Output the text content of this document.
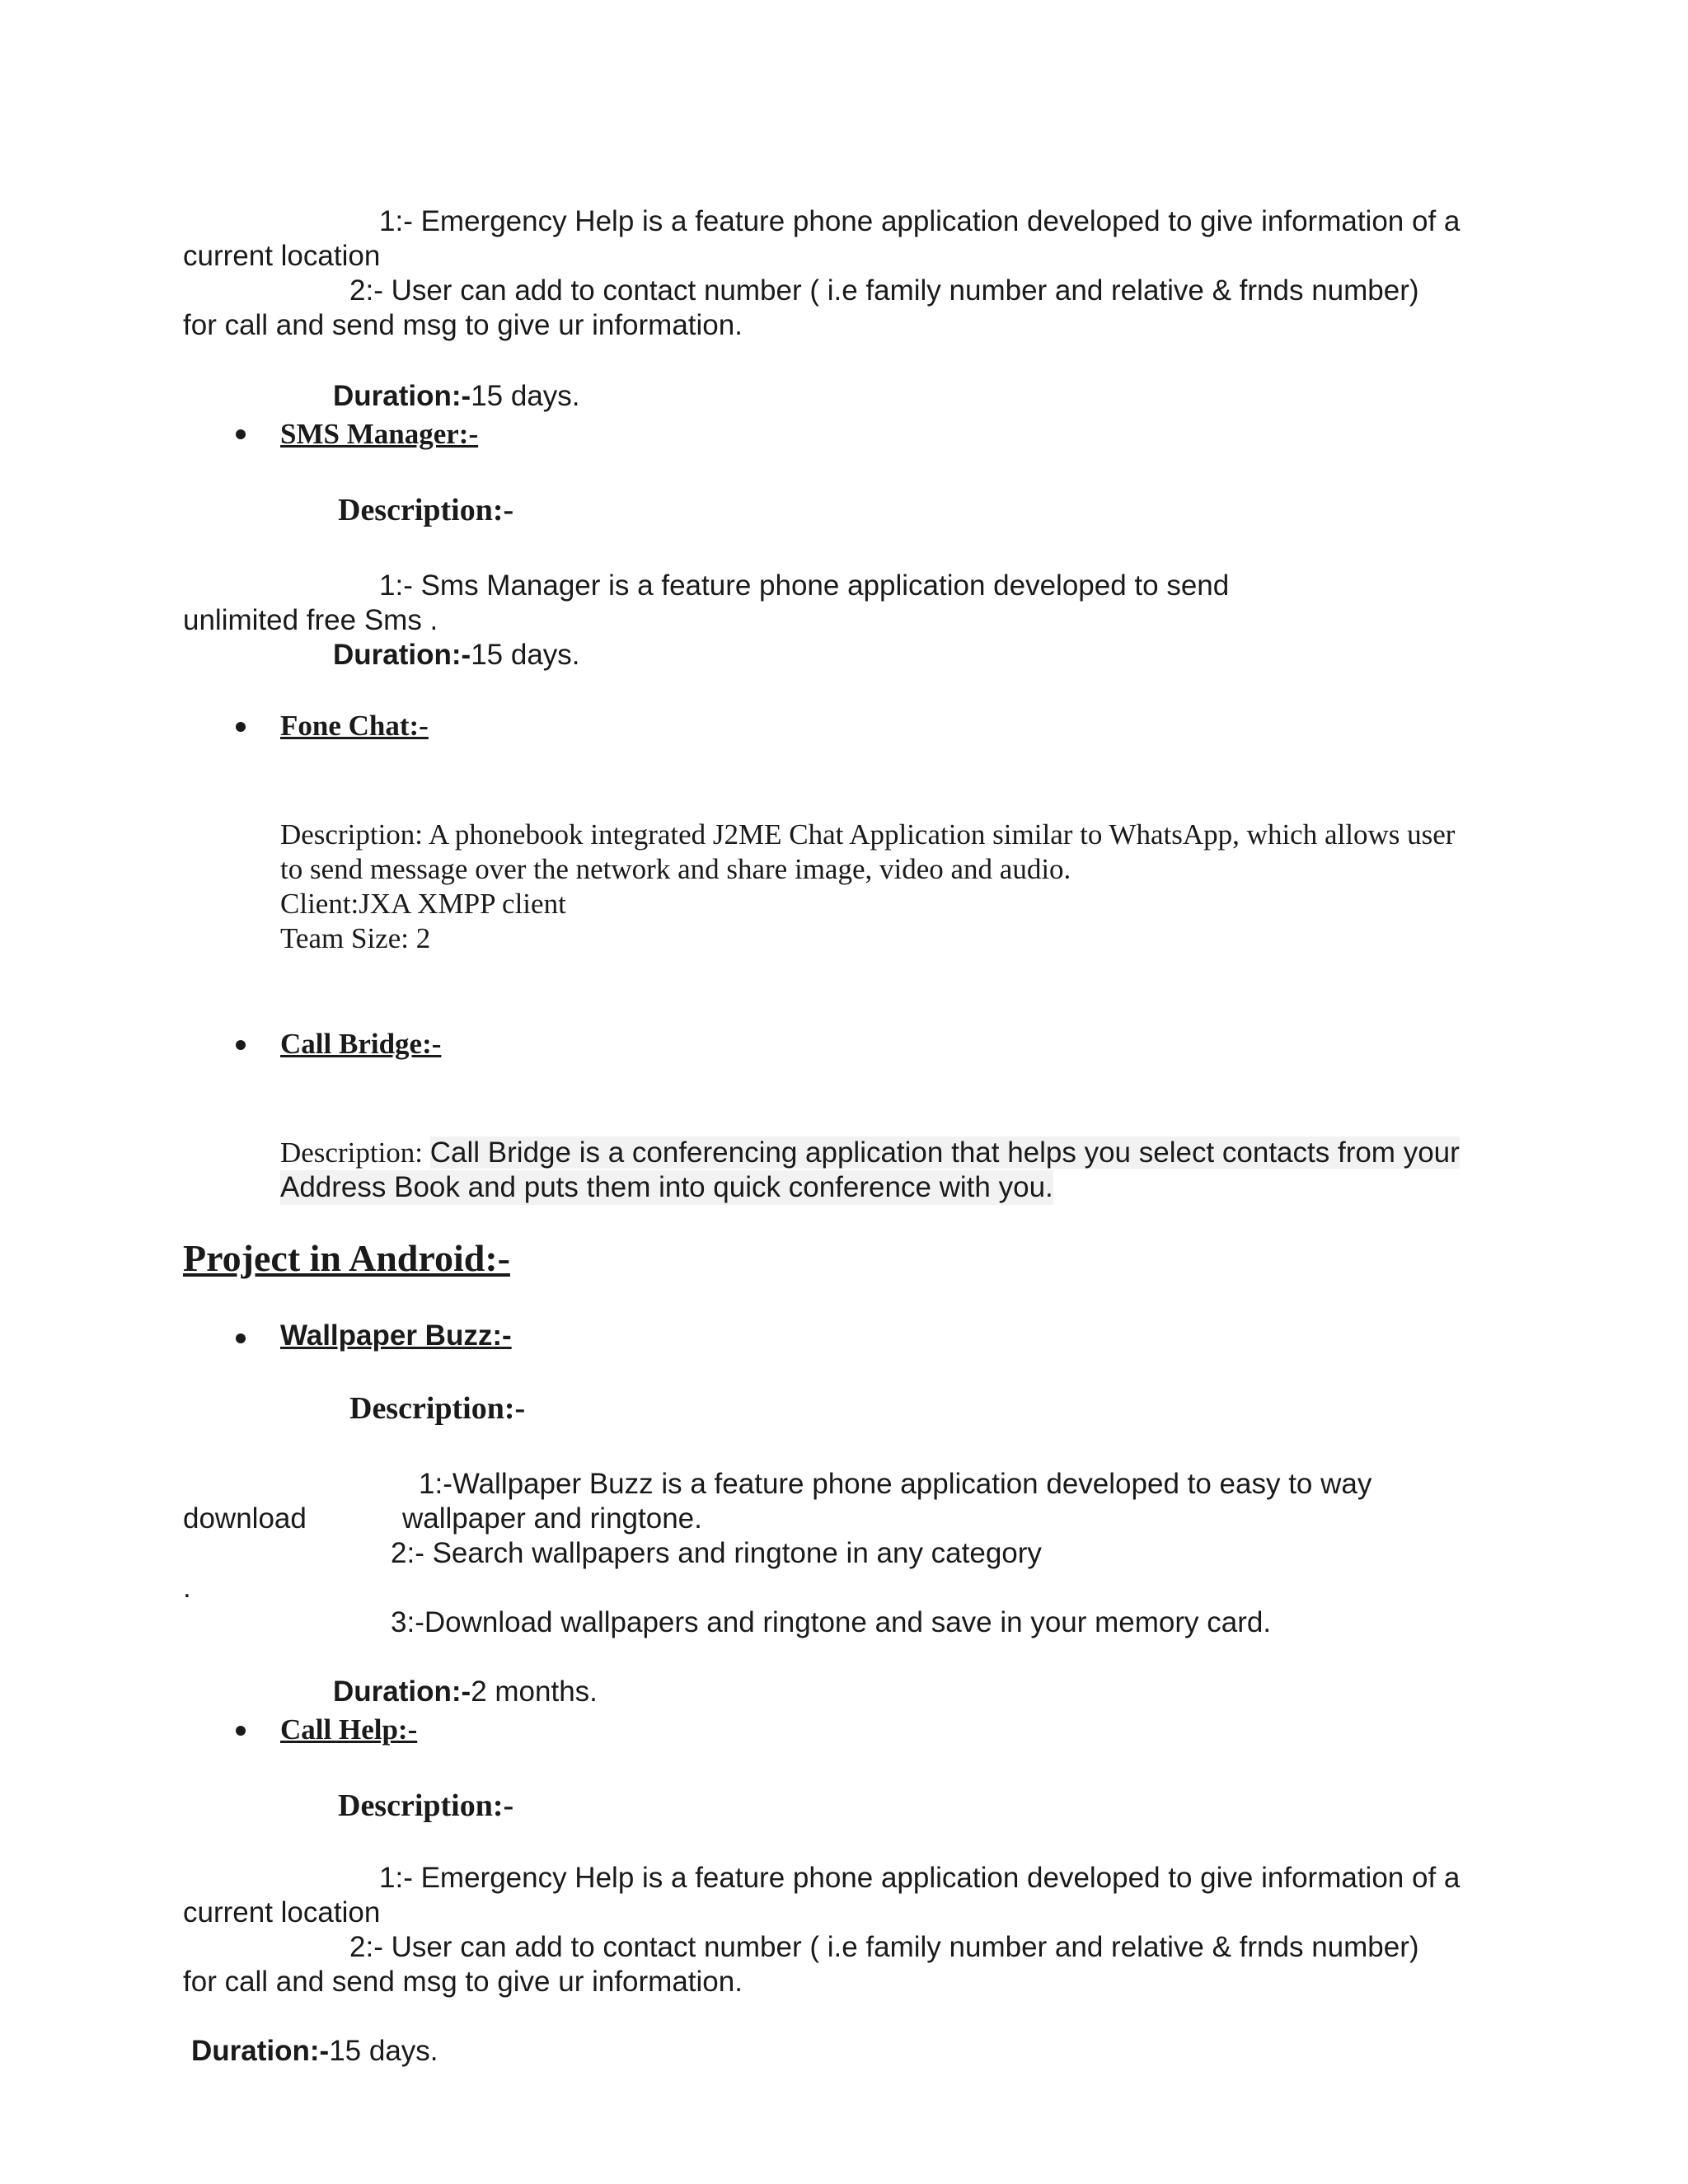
1:- Emergency Help is a feature phone application developed to give information of a
current location
2:- User can add to contact number ( i.e family number and relative & frnds number)
for call and send msg to give ur information.
Duration:-15 days.
SMS Manager:-
Description:-
1:- Sms Manager is a feature phone application developed to send
unlimited free Sms .
Duration:-15 days.
Fone Chat:-
Description: A phonebook integrated J2ME Chat Application similar to WhatsApp, which allows user
to send message over the network and share image, video and audio.
Client:JXA XMPP client
Team Size: 2
Call Bridge:-
Description: Call Bridge is a conferencing application that helps you select contacts from your
Address Book and puts them into quick conference with you.
Project in Android:-
Wallpaper Buzz:-
Description:-
1:-Wallpaper Buzz is a feature phone application developed to easy to way
download	wallpaper and ringtone.
2:- Search wallpapers and ringtone in any category
.
3:-Download wallpapers and ringtone and save in your memory card.
Duration:-2 months.
Call Help:-
Description:-
1:- Emergency Help is a feature phone application developed to give information of a
current location
2:- User can add to contact number ( i.e family number and relative & frnds number)
for call and send msg to give ur information.
Duration:-15 days.
